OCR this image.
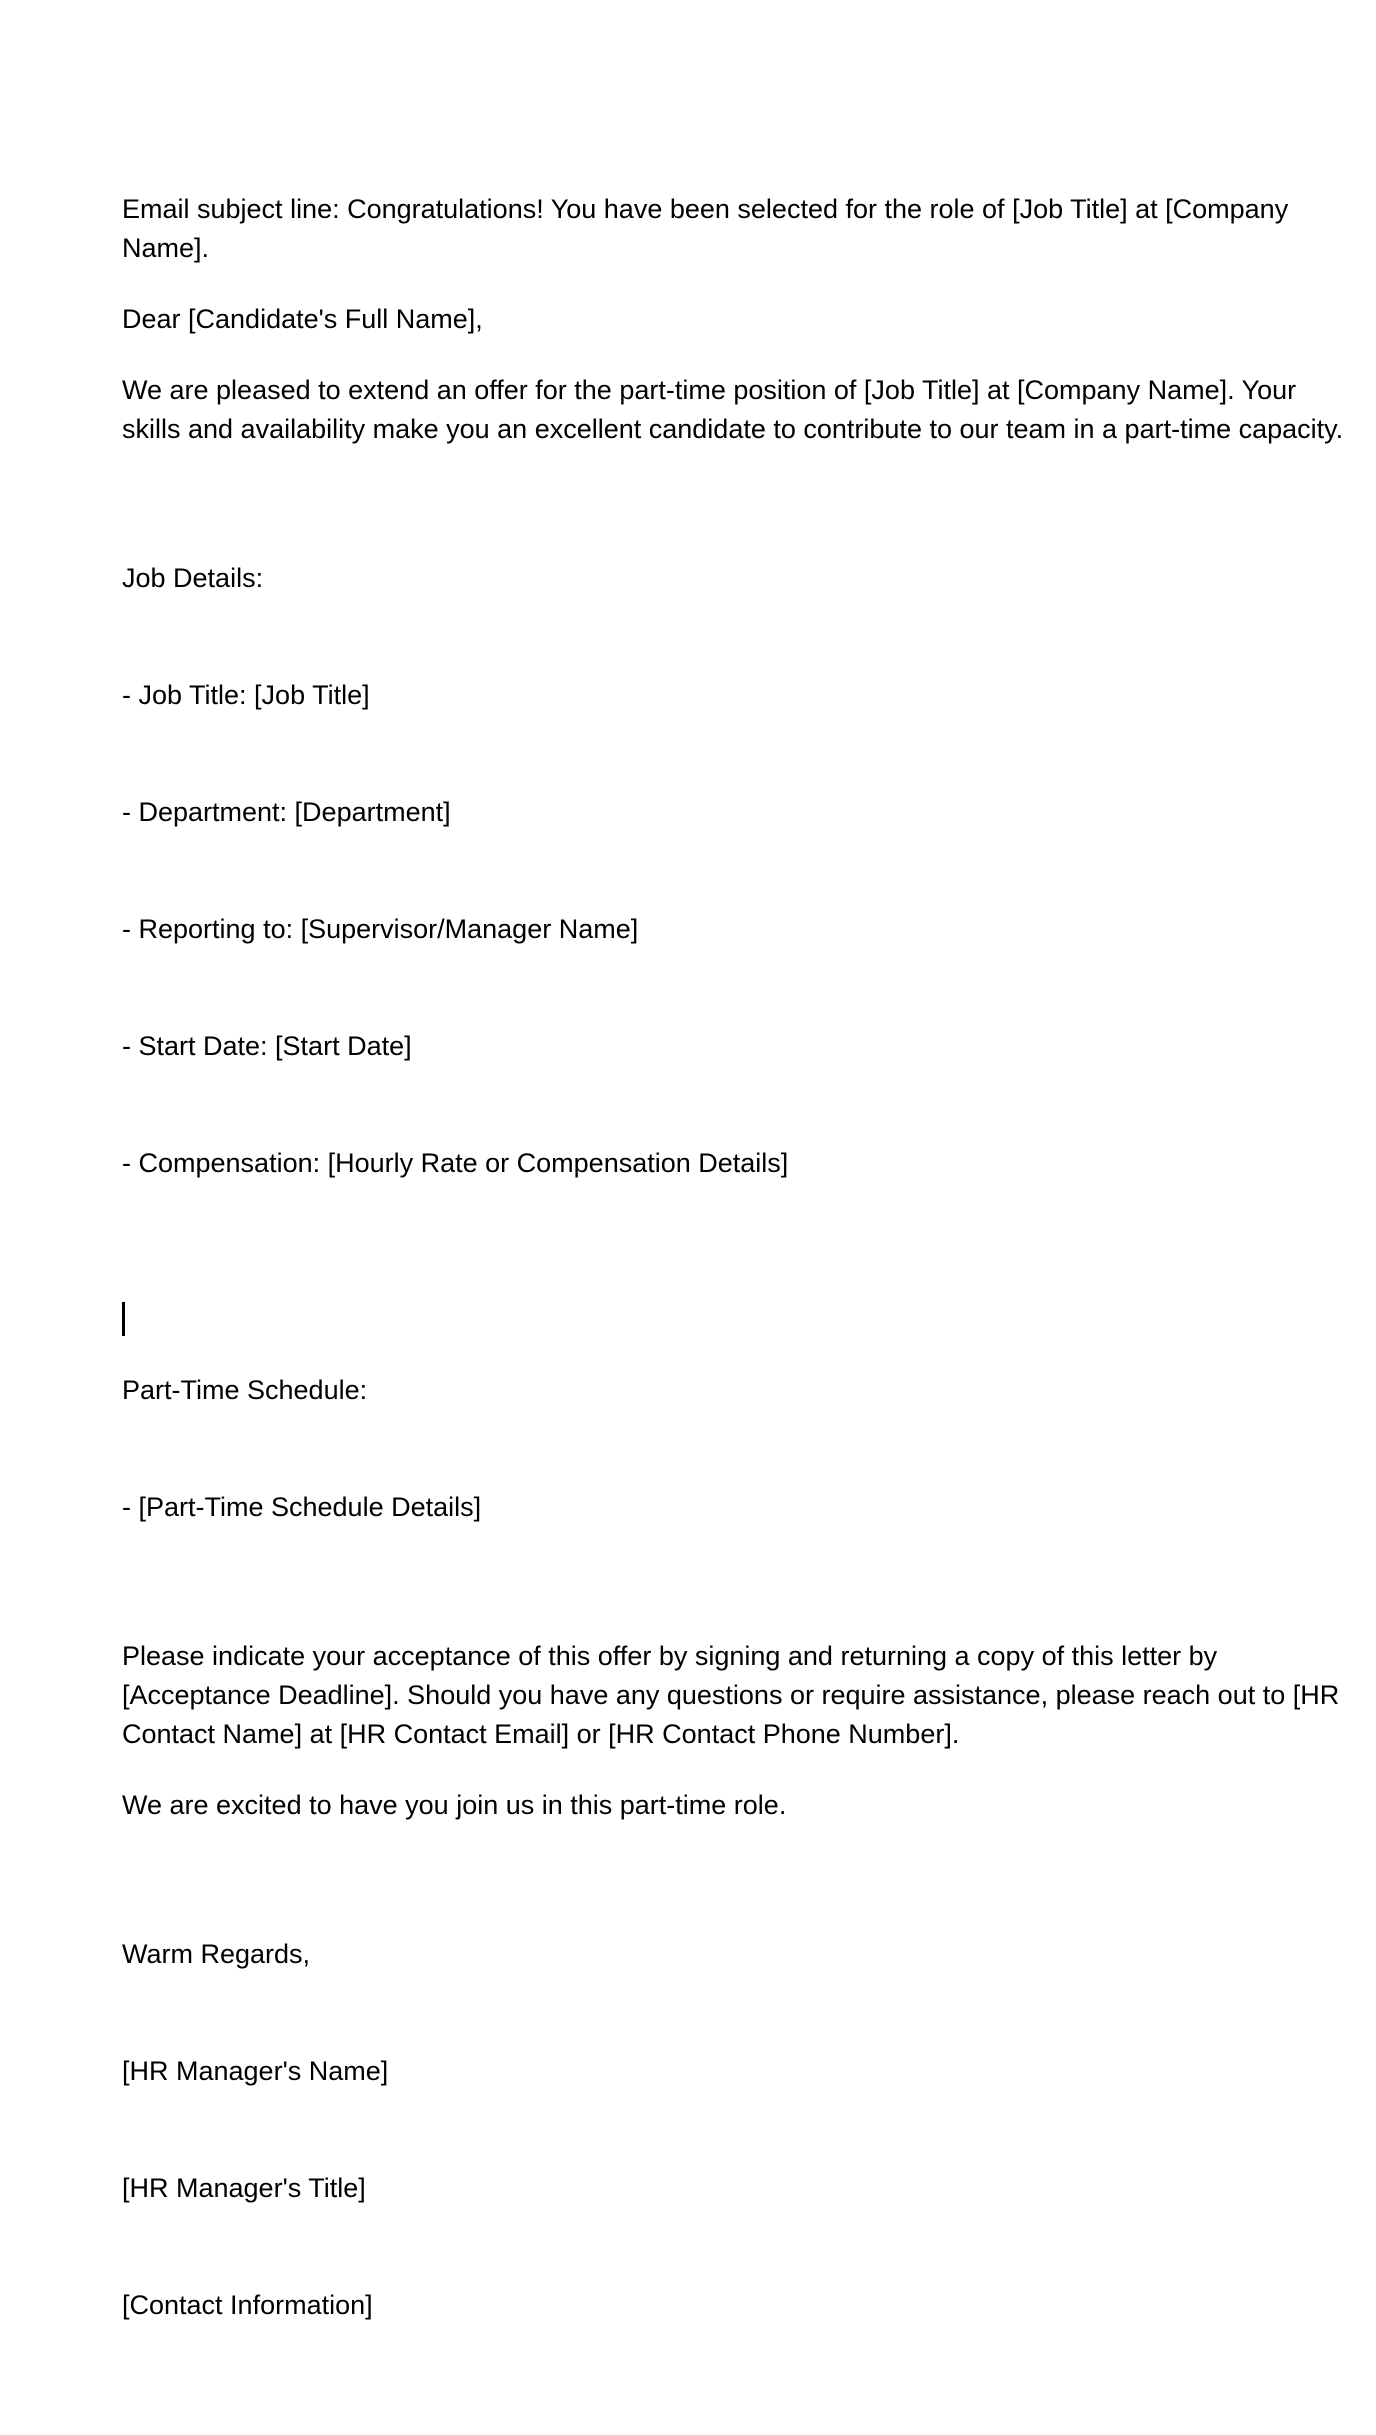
Email subject line: Congratulations! You have been selected for the role of [Job Title] at [Company Name].

Dear [Candidate's Full Name],

We are pleased to extend an offer for the part-time position of [Job Title] at [Company Name]. Your skills and availability make you an excellent candidate to contribute to our team in a part-time capacity.

Job Details:

- Job Title: [Job Title]

- Department: [Department]

- Reporting to: [Supervisor/Manager Name]

- Start Date: [Start Date]

- Compensation: [Hourly Rate or Compensation Details]

Part-Time Schedule:

- [Part-Time Schedule Details]

Please indicate your acceptance of this offer by signing and returning a copy of this letter by [Acceptance Deadline]. Should you have any questions or require assistance, please reach out to [HR Contact Name] at [HR Contact Email] or [HR Contact Phone Number].

We are excited to have you join us in this part-time role.

Warm Regards,

[HR Manager's Name]

[HR Manager's Title]

[Contact Information]
